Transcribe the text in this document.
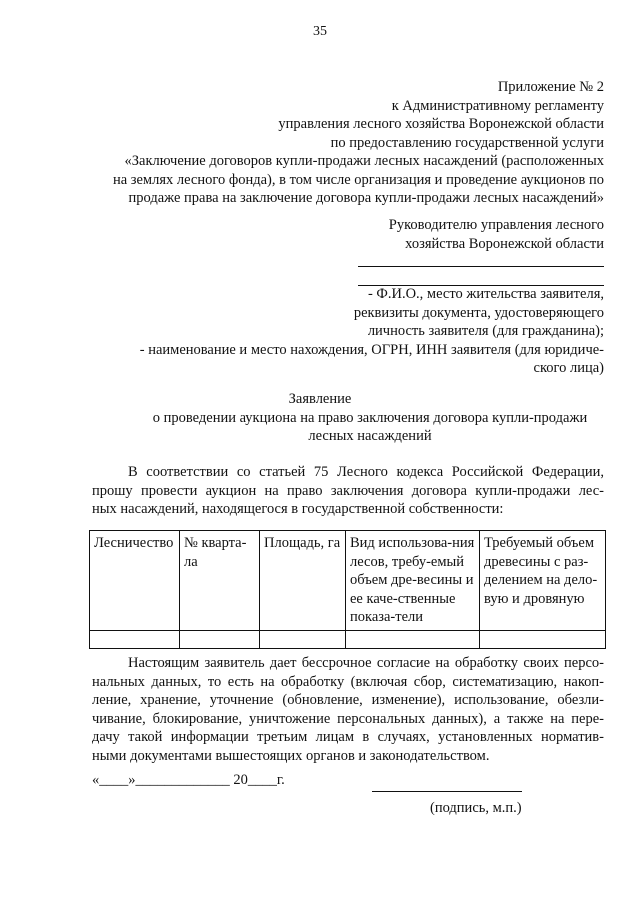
35
Приложение № 2
к Административному регламенту
управления лесного хозяйства Воронежской области
по предоставлению государственной услуги
«Заключение договоров купли-продажи лесных насаждений (расположенных
на землях лесного фонда), в том числе организация и проведение аукционов по
продаже права на заключение договора купли-продажи лесных насаждений»
Руководителю управления лесного
хозяйства Воронежской области
- Ф.И.О., место жительства заявителя,
реквизиты документа, удостоверяющего
личность заявителя (для гражданина);
- наименование и место нахождения, ОГРН, ИНН заявителя (для юридиче-
ского лица)
Заявление
о проведении аукциона на право заключения договора купли-продажи
лесных насаждений
В соответствии со статьей 75 Лесного кодекса Российской Федерации,
прошу провести аукцион на право заключения договора купли-продажи лес-
ных насаждений, находящегося в государственной собственности:
Лесничество	№ кварта-ла	Площадь, га	Вид использова-ния лесов, требу-емый объем дре-весины и ее каче-ственные показа-тели	Требуемый объем древесины с раз-делением на дело-вую и дровяную

Настоящим заявитель дает бессрочное согласие на обработку своих персо-
нальных данных, то есть на обработку (включая сбор, систематизацию, накоп-
ление, хранение, уточнение (обновление, изменение), использование, обезли-
чивание, блокирование, уничтожение персональных данных), а также на пере-
дачу такой информации третьим лицам в случаях, установленных норматив-
ными документами вышестоящих органов и законодательством.
«____»_____________ 20____г.
(подпись, м.п.)
